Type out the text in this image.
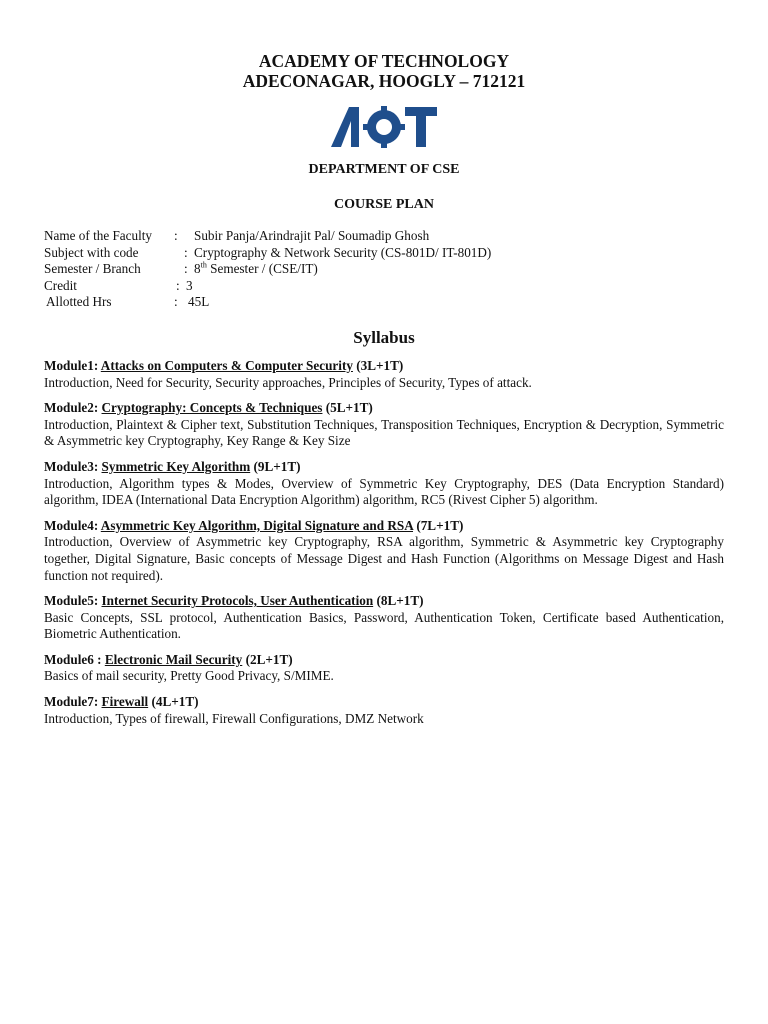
ACADEMY OF TECHNOLOGY
ADECONAGAR, HOOGLY – 712121
DEPARTMENT OF CSE
COURSE PLAN
Name of the Faculty	:	Subir Panja/Arindrajit Pal/ Soumadip Ghosh
Subject with code	: Cryptography & Network Security (CS-801D/ IT-801D)
Semester / Branch	: 8th Semester / (CSE/IT)
Credit	: 3
Allotted Hrs	: 45L
Syllabus
Module1: Attacks on Computers & Computer Security (3L+1T)
Introduction, Need for Security, Security approaches, Principles of Security, Types of attack.
Module2: Cryptography: Concepts & Techniques (5L+1T)
Introduction, Plaintext & Cipher text, Substitution Techniques, Transposition Techniques, Encryption & Decryption, Symmetric & Asymmetric key Cryptography, Key Range & Key Size
Module3: Symmetric Key Algorithm (9L+1T)
Introduction, Algorithm types & Modes, Overview of Symmetric Key Cryptography, DES (Data Encryption Standard) algorithm, IDEA (International Data Encryption Algorithm) algorithm, RC5 (Rivest Cipher 5) algorithm.
Module4: Asymmetric Key Algorithm, Digital Signature and RSA (7L+1T)
Introduction, Overview of Asymmetric key Cryptography, RSA algorithm, Symmetric & Asymmetric key Cryptography together, Digital Signature, Basic concepts of Message Digest and Hash Function (Algorithms on Message Digest and Hash function not required).
Module5: Internet Security Protocols, User Authentication (8L+1T)
Basic Concepts, SSL protocol, Authentication Basics, Password, Authentication Token, Certificate based Authentication, Biometric Authentication.
Module6 : Electronic Mail Security (2L+1T)
Basics of mail security, Pretty Good Privacy, S/MIME.
Module7: Firewall (4L+1T)
Introduction, Types of firewall, Firewall Configurations, DMZ Network
